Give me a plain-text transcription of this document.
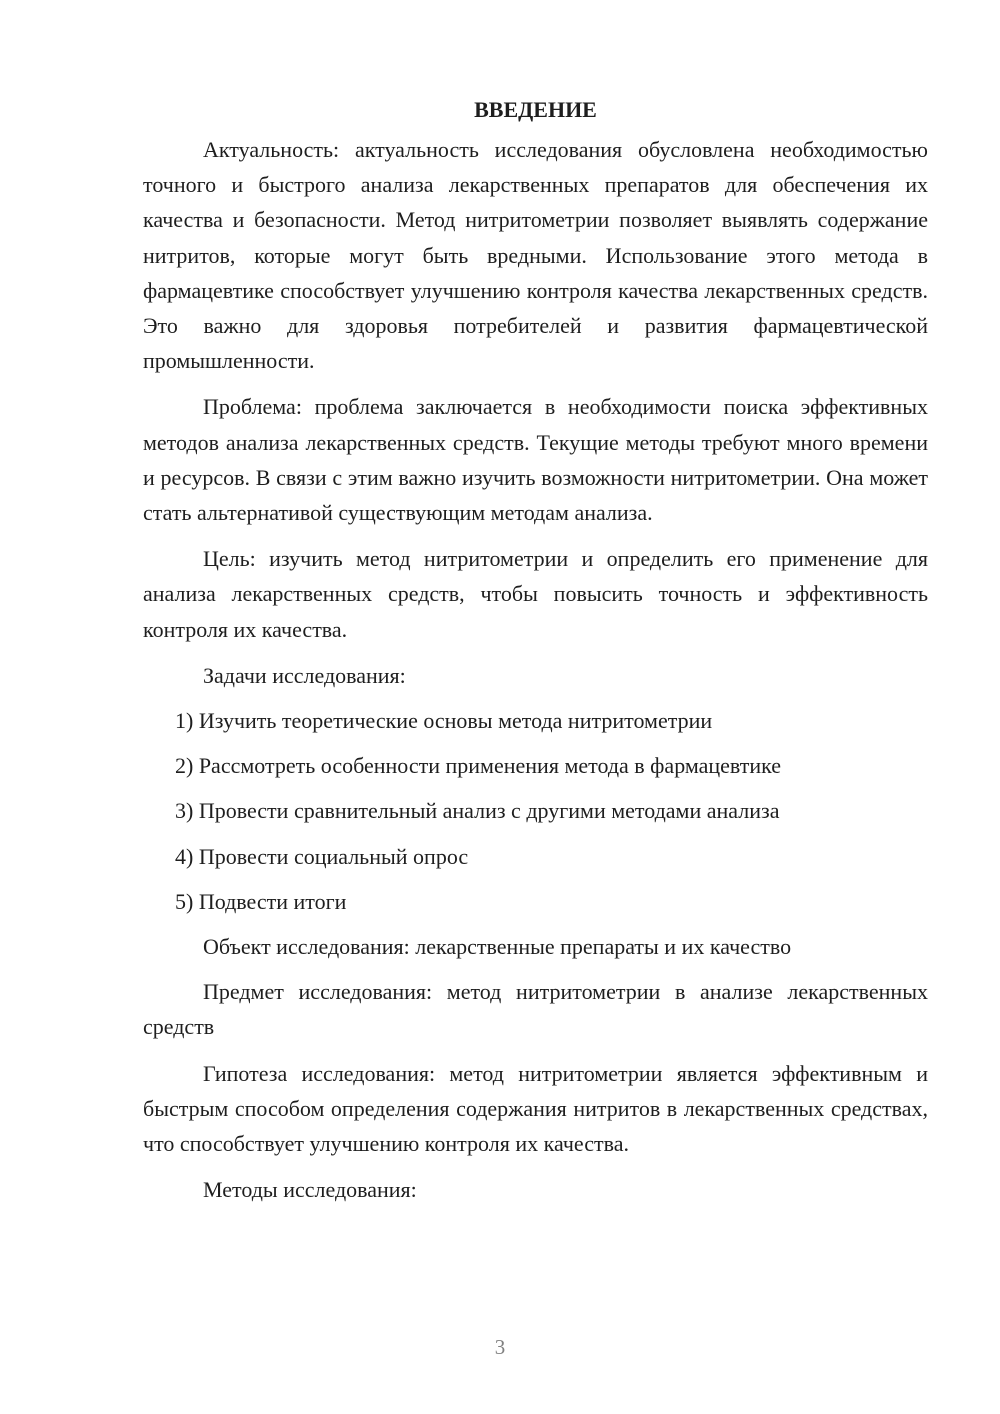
ВВЕДЕНИЕ

Актуальность: актуальность исследования обусловлена необходимостью точного и быстрого анализа лекарственных препаратов для обеспечения их качества и безопасности. Метод нитритометрии позволяет выявлять содержание нитритов, которые могут быть вредными. Использование этого метода в фармацевтике способствует улучшению контроля качества лекарственных средств. Это важно для здоровья потребителей и развития фармацевтической промышленности.

Проблема: проблема заключается в необходимости поиска эффективных методов анализа лекарственных средств. Текущие методы требуют много времени и ресурсов. В связи с этим важно изучить возможности нитритометрии. Она может стать альтернативой существующим методам анализа.

Цель: изучить метод нитритометрии и определить его применение для анализа лекарственных средств, чтобы повысить точность и эффективность контроля их качества.

Задачи исследования:
1) Изучить теоретические основы метода нитритометрии
2) Рассмотреть особенности применения метода в фармацевтике
3) Провести сравнительный анализ с другими методами анализа
4) Провести социальный опрос
5) Подвести итоги
Объект исследования: лекарственные препараты и их качество

Предмет исследования: метод нитритометрии в анализе лекарственных средств

Гипотеза исследования: метод нитритометрии является эффективным и быстрым способом определения содержания нитритов в лекарственных средствах, что способствует улучшению контроля их качества.

Методы исследования:
3
